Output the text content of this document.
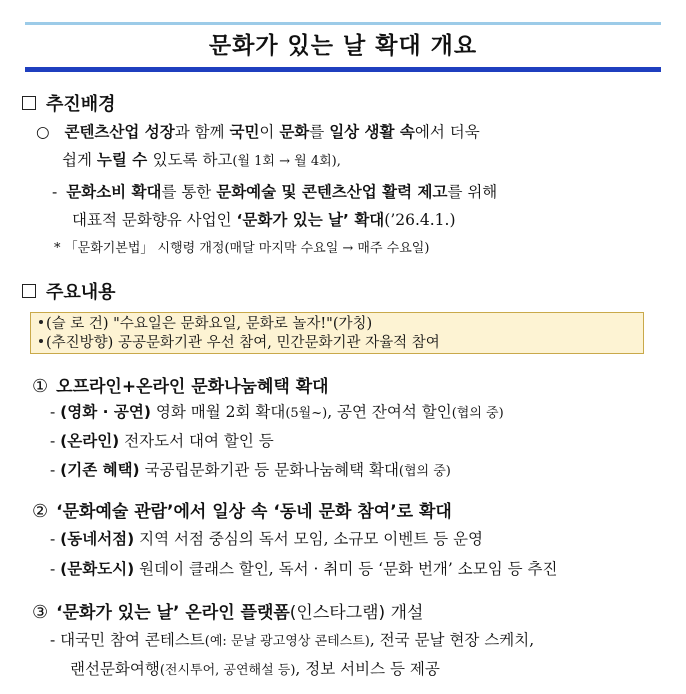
문화가 있는 날 확대 개요
추진배경
○ 콘텐츠산업 성장과 함께 국민이 문화를 일상 생활 속에서 더욱
쉽게 누릴 수 있도록 하고(월 1회 → 월 4회),
- 문화소비 확대를 통한 문화예술 및 콘텐츠산업 활력 제고를 위해
대표적 문화향유 사업인 ‘문화가 있는 날’ 확대(’26.4.1.)
* 「문화기본법」 시행령 개정(매달 마지막 수요일 → 매주 수요일)
주요내용
(슬 로 건) "수요일은 문화요일, 문화로 놀자!"(가칭)
(추진방향) 공공문화기관 우선 참여, 민간문화기관 자율적 참여
① 오프라인+온라인 문화나눔혜택 확대
- (영화 · 공연) 영화 매월 2회 확대(5월~), 공연 잔여석 할인(협의 중)
- (온라인) 전자도서 대여 할인 등
- (기존 혜택) 국공립문화기관 등 문화나눔혜택 확대(협의 중)
② ‘문화예술 관람’에서 일상 속 ‘동네 문화 참여’로 확대
- (동네서점) 지역 서점 중심의 독서 모임, 소규모 이벤트 등 운영
- (문화도시) 원데이 클래스 할인, 독서 · 취미 등 ‘문화 번개’ 소모임 등 추진
③ ‘문화가 있는 날’ 온라인 플랫폼(인스타그램) 개설
- 대국민 참여 콘테스트(예: 문날 광고영상 콘테스트), 전국 문날 현장 스케치,
랜선문화여행(전시투어, 공연해설 등), 정보 서비스 등 제공
